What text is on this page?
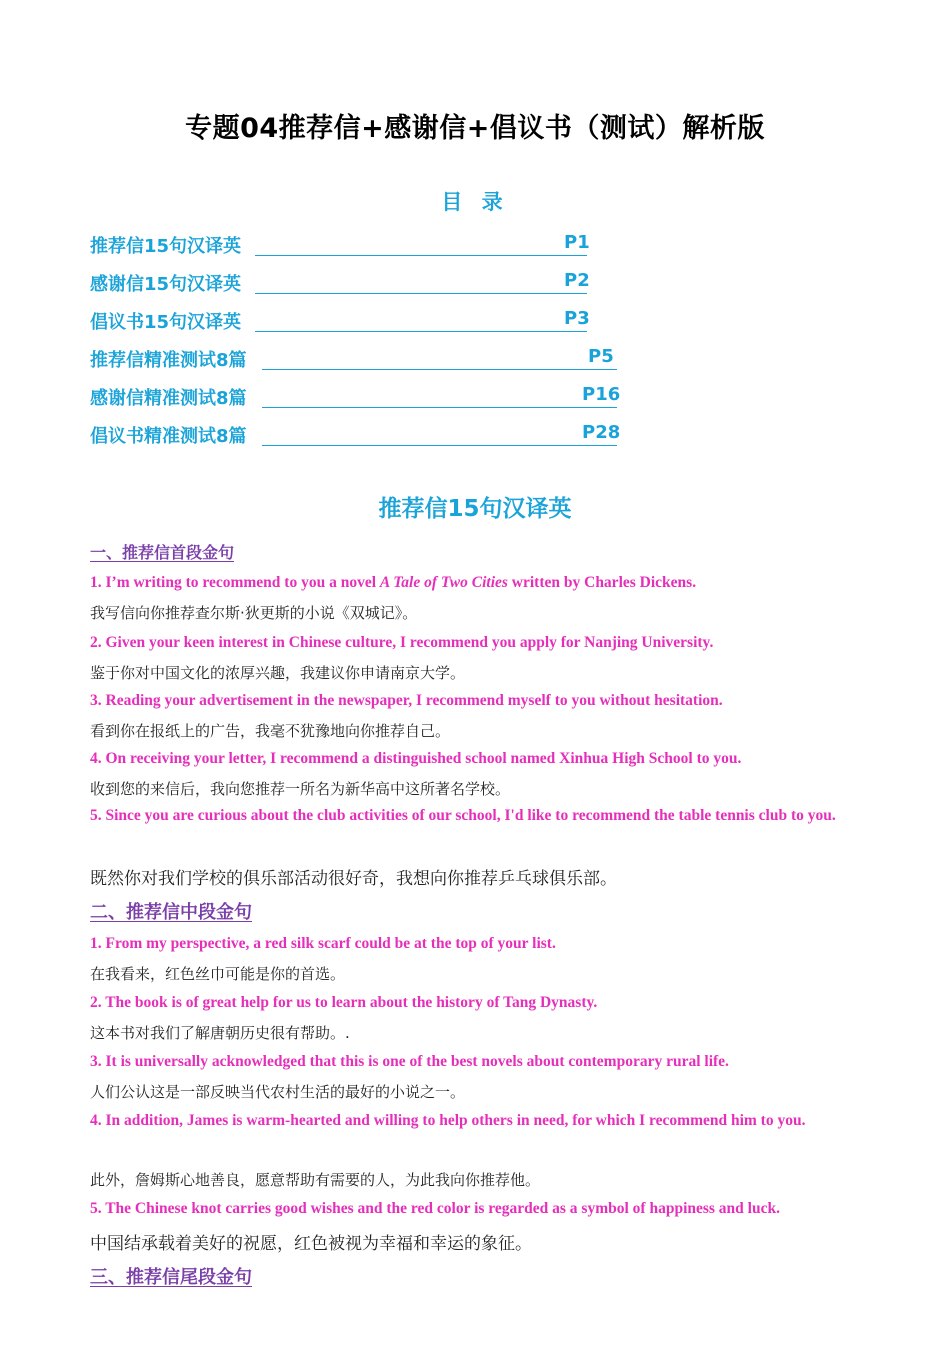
专题04推荐信+感谢信+倡议书（测试）解析版
目 录
推荐信15句汉译英	P1
感谢信15句汉译英	P2
倡议书15句汉译英	P3
推荐信精准测试8篇	P5
感谢信精准测试8篇	P16
倡议书精准测试8篇	P28
推荐信15句汉译英
一、推荐信首段金句
1. I’m writing to recommend to you a novel A Tale of Two Cities written by Charles Dickens.
我写信向你推荐查尔斯·狄更斯的小说《双城记》。
2. Given your keen interest in Chinese culture, I recommend you apply for Nanjing University.
鉴于你对中国文化的浓厚兴趣，我建议你申请南京大学。
3. Reading your advertisement in the newspaper, I recommend myself to you without hesitation.
看到你在报纸上的广告，我毫不犹豫地向你推荐自己。
4. On receiving your letter, I recommend a distinguished school named Xinhua High School to you.
收到您的来信后，我向您推荐一所名为新华高中这所著名学校。
5. Since you are curious about the club activities of our school, I'd like to recommend the table tennis club to you.
既然你对我们学校的俱乐部活动很好奇，我想向你推荐乒乓球俱乐部。
二、推荐信中段金句
1. From my perspective, a red silk scarf could be at the top of your list.
在我看来，红色丝巾可能是你的首选。
2. The book is of great help for us to learn about the history of Tang Dynasty.
这本书对我们了解唐朝历史很有帮助。.
3. It is universally acknowledged that this is one of the best novels about contemporary rural life.
人们公认这是一部反映当代农村生活的最好的小说之一。
4. In addition, James is warm-hearted and willing to help others in need, for which I recommend him to you.
此外，詹姆斯心地善良，愿意帮助有需要的人，为此我向你推荐他。
5. The Chinese knot carries good wishes and the red color is regarded as a symbol of happiness and luck.
中国结承载着美好的祝愿，红色被视为幸福和幸运的象征。
三、推荐信尾段金句
